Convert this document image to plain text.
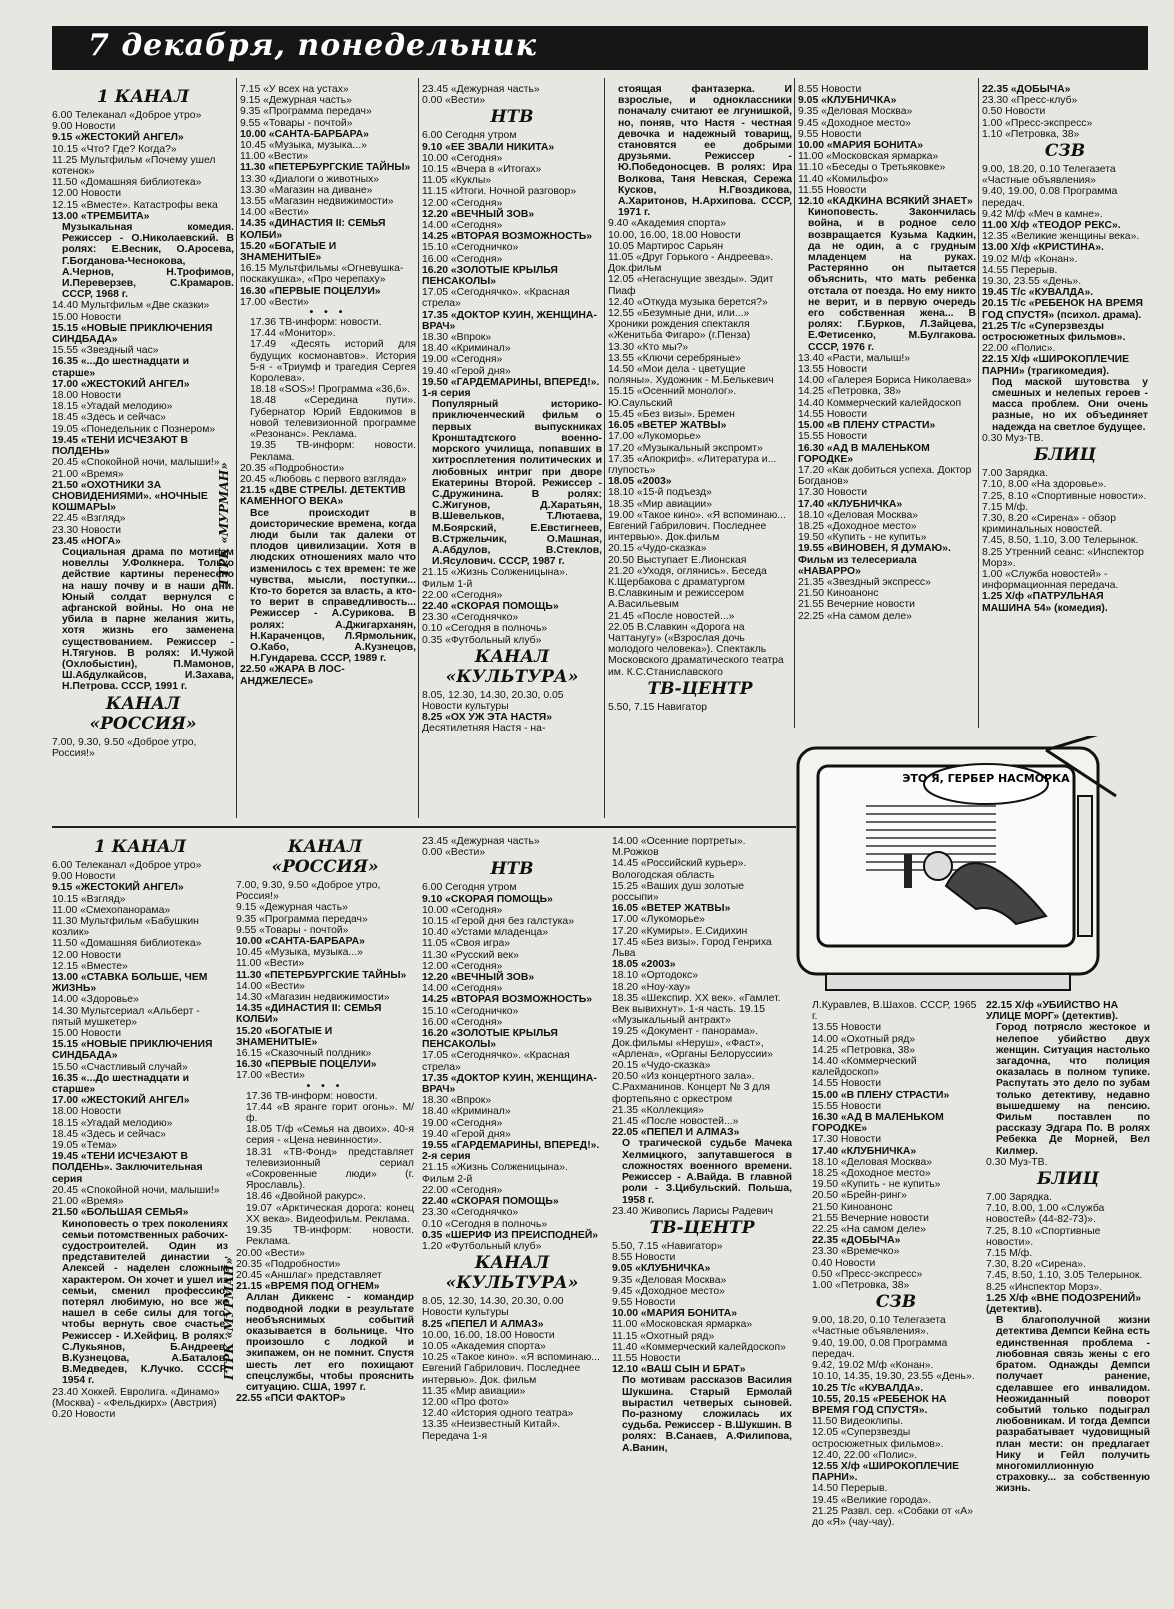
7 декабря, понедельник
ГТРК «МУРМАН»
ГТРК «МУРМАН»
1 КАНАЛ

6.00 Телеканал «Доброе утро»

9.00 Новости

9.15 «ЖЕСТОКИЙ АНГЕЛ»

10.15 «Что? Где? Когда?»

11.25 Мультфильм «Почему ушел котенок»

11.50 «Домашняя библиотека»

12.00 Новости

12.15 «Вместе». Катастрофы века

13.00 «ТРЕМБИТА»

Музыкальная комедия. Режиссер - О.Николаевский. В ролях: Е.Весник, О.Аросева, Г.Богданова-Чеснокова, А.Чернов, Н.Трофимов, И.Переверзев, С.Крамаров. СССР, 1968 г.

14.40 Мультфильм «Две сказки»

15.00 Новости

15.15 «НОВЫЕ ПРИКЛЮЧЕНИЯ СИНДБАДА»

15.55 «Звездный час»

16.35 «...До шестнадцати и старше»

17.00 «ЖЕСТОКИЙ АНГЕЛ»

18.00 Новости

18.15 «Угадай мелодию»

18.45 «Здесь и сейчас»

19.05 «Понедельник с Познером»

19.45 «ТЕНИ ИСЧЕЗАЮТ В ПОЛДЕНЬ»

20.45 «Спокойной ночи, малыши!»

21.00 «Время»

21.50 «ОХОТНИКИ ЗА СНОВИДЕНИЯМИ». «НОЧНЫЕ КОШМАРЫ»

22.45 «Взгляд»

23.30 Новости

23.45 «НОГА»

Социальная драма по мотивам новеллы У.Фолкнера. Только действие картины перенесено на нашу почву и в наши дни. Юный солдат вернулся с афганской войны. Но она не убила в парне желания жить, хотя жизнь его заменена существованием. Режиссер - Н.Тягунов. В ролях: И.Чужой (Охлобыстин), П.Мамонов, Ш.Абдулкайсов, И.Захава, Н.Петрова. СССР, 1991 г.

КАНАЛ «РОССИЯ»

7.00, 9.30, 9.50 «Доброе утро, Россия!»

7.15 «У всех на устах»

9.15 «Дежурная часть»

9.35 «Программа передач»

9.55 «Товары - почтой»

10.00 «САНТА-БАРБАРА»

10.45 «Музыка, музыка...»

11.00 «Вести»

11.30 «ПЕТЕРБУРГСКИЕ ТАЙНЫ»

13.30 «Диалоги о животных»

13.30 «Магазин на диване»

13.55 «Магазин недвижимости»

14.00 «Вести»

14.35 «ДИНАСТИЯ II: СЕМЬЯ КОЛБИ»

15.20 «БОГАТЫЕ И ЗНАМЕНИТЫЕ»

16.15 Мультфильмы «Огневушка-поскакушка», «Про черепаху»

16.30 «ПЕРВЫЕ ПОЦЕЛУИ»

17.00 «Вести»

• • •

17.36 ТВ-информ: новости.

17.44 «Монитор».

17.49 «Десять историй для будущих космонавтов». История 5-я - «Триумф и трагедия Сергея Королева».

18.18 «SOS»! Программа «36,6».

18.48 «Середина пути». Губернатор Юрий Евдокимов в новой телевизионной программе «Резонанс». Реклама.

19.35 ТВ-информ: новости. Реклама.

20.35 «Подробности»

20.45 «Любовь с первого взгляда»

21.15 «ДВЕ СТРЕЛЫ. ДЕТЕКТИВ КАМЕННОГО ВЕКА»

Все происходит в доисторические времена, когда люди были так далеки от плодов цивилизации. Хотя в людских отношениях мало что изменилось с тех времен: те же чувства, мысли, поступки... Кто-то борется за власть, а кто-то верит в справедливость... Режиссер - А.Сурикова. В ролях: А.Джигарханян, Н.Караченцов, Л.Ярмольник, О.Кабо, А.Кузнецов, Н.Гундарева. СССР, 1989 г.

22.50 «ЖАРА В ЛОС-АНДЖЕЛЕСЕ»

23.45 «Дежурная часть»

0.00 «Вести»

НТВ

6.00 Сегодня утром

9.10 «ЕЕ ЗВАЛИ НИКИТА»

10.00 «Сегодня»

10.15 «Вчера в «Итогах»

11.05 «Куклы»

11.15 «Итоги. Ночной разговор»

12.00 «Сегодня»

12.20 «ВЕЧНЫЙ ЗОВ»

14.00 «Сегодня»

14.25 «ВТОРАЯ ВОЗМОЖНОСТЬ»

15.10 «Сегодничко»

16.00 «Сегодня»

16.20 «ЗОЛОТЫЕ КРЫЛЬЯ ПЕНСАКОЛЫ»

17.05 «Сегоднячко». «Красная стрела»

17.35 «ДОКТОР КУИН, ЖЕНЩИНА-ВРАЧ»

18.30 «Впрок»

18.40 «Криминал»

19.00 «Сегодня»

19.40 «Герой дня»

19.50 «ГАРДЕМАРИНЫ, ВПЕРЕД!». 1-я серия

Популярный историко-приключенческий фильм о первых выпускниках Кронштадтского военно-морского училища, попавших в хитросплетения политических и любовных интриг при дворе Екатерины Второй. Режиссер - С.Дружинина. В ролях: С.Жигунов, Д.Харатьян, В.Шевельков, Т.Лютаева, М.Боярский, Е.Евстигнеев, В.Стржельчик, О.Машная, А.Абдулов, В.Стеклов, И.Ясулович. СССР, 1987 г.

21.15 «Жизнь Солженицына». Фильм 1-й

22.00 «Сегодня»

22.40 «СКОРАЯ ПОМОЩЬ»

23.30 «Сегоднячко»

0.10 «Сегодня в полночь»

0.35 «Футбольный клуб»

КАНАЛ «КУЛЬТУРА»

8.05, 12.30, 14.30, 20.30, 0.05 Новости культуры

8.25 «ОХ УЖ ЭТА НАСТЯ»

Десятилетняя Настя - на-

стоящая фантазерка. И взрослые, и одноклассники поначалу считают ее лгунишкой, но, поняв, что Настя - честная девочка и надежный товарищ, становятся ее добрыми друзьями. Режиссер - Ю.Победоносцев. В ролях: Ира Волкова, Таня Невская, Сережа Кусков, Н.Гвоздикова, А.Харитонов, Н.Архипова. СССР, 1971 г.

9.40 «Академия спорта»

10.00, 16.00, 18.00 Новости

10.05 Мартирос Сарьян

11.05 «Друг Горького - Андреева». Док.фильм

12.05 «Негаснущие звезды». Эдит Пиаф

12.40 «Откуда музыка берется?»

12.55 «Безумные дни, или...» Хроники рождения спектакля «Женитьба Фигаро» (г.Пенза)

13.30 «Кто мы?»

13.55 «Ключи серебряные»

14.50 «Мои дела - цветущие поляны». Художник - М.Белькевич

15.15 «Осенний монолог». Ю.Саульский

15.45 «Без визы». Бремен

16.05 «ВЕТЕР ЖАТВЫ»

17.00 «Лукоморье»

17.20 «Музыкальный экспромт»

17.35 «Апокриф». «Литература и... глупость»

18.05 «2003»

18.10 «15-й подъезд»

18.35 «Мир авиации»

19.00 «Такое кино». «Я вспоминаю... Евгений Габрилович. Последнее интервью». Док.фильм

20.15 «Чудо-сказка»

20.50 Выступает Е.Лионская

21.20 «Уходя, оглянись». Беседа К.Щербакова с драматургом В.Славкиным и режиссером А.Васильевым

21.45 «После новостей...»

22.05 В.Славкин «Дорога на Чаттанугу» («Взрослая дочь молодого человека»). Спектакль Московского драматического театра им. К.С.Станиславского

ТВ-ЦЕНТР

5.50, 7.15 Навигатор

8.55 Новости

9.05 «КЛУБНИЧКА»

9.35 «Деловая Москва»

9.45 «Доходное место»

9.55 Новости

10.00 «МАРИЯ БОНИТА»

11.00 «Московская ярмарка»

11.10 «Беседы о Третьяковке»

11.40 «Комильфо»

11.55 Новости

12.10 «КАДКИНА ВСЯКИЙ ЗНАЕТ»

Киноповесть. Закончилась война, и в родное село возвращается Кузьма Кадкин, да не один, а с грудным младенцем на руках. Растерянно он пытается объяснить, что мать ребенка отстала от поезда. Но ему никто не верит, и в первую очередь его собственная жена... В ролях: Г.Бурков, Л.Зайцева, Е.Фетисенко, М.Булгакова. СССР, 1976 г.

13.40 «Расти, малыш!»

13.55 Новости

14.00 «Галерея Бориса Николаева»

14.25 «Петровка, 38»

14.40 Коммерческий калейдоскоп

14.55 Новости

15.00 «В ПЛЕНУ СТРАСТИ»

15.55 Новости

16.30 «АД В МАЛЕНЬКОМ ГОРОДКЕ»

17.20 «Как добиться успеха. Доктор Богданов»

17.30 Новости

17.40 «КЛУБНИЧКА»

18.10 «Деловая Москва»

18.25 «Доходное место»

19.50 «Купить - не купить»

19.55 «ВИНОВЕН, Я ДУМАЮ». Фильм из телесериала «НАВАРРО»

21.35 «Звездный экспресс»

21.50 Киноанонс

21.55 Вечерние новости

22.25 «На самом деле»

22.35 «ДОБЫЧА»

23.30 «Пресс-клуб»

0.50 Новости

1.00 «Пресс-экспресс»

1.10 «Петровка, 38»

СЗВ

9.00, 18.20, 0.10 Телегазета «Частные объявления»

9.40, 19.00, 0.08 Программа передач.

9.42 М/ф «Меч в камне».

11.00 Х/ф «ТЕОДОР РЕКС».

12.35 «Великие женщины века».

13.00 Х/ф «КРИСТИНА».

19.02 М/ф «Конан».

14.55 Перерыв.

19.30, 23.55 «День».

19.45 Т/с «КУВАЛДА».

20.15 Т/с «РЕБЕНОК НА ВРЕМЯ ГОД СПУСТЯ» (психол. драма).

21.25 Т/с «Суперзвезды остросюжетных фильмов».

22.00 «Полис».

22.15 Х/ф «ШИРОКОПЛЕЧИЕ ПАРНИ» (трагикомедия).

Под маской шутовства у смешных и нелепых героев - масса проблем. Они очень разные, но их объединяет надежда на светлое будущее.

0.30 Муз-ТВ.

БЛИЦ

7.00 Зарядка.

7.10, 8.00 «На здоровье».

7.25, 8.10 «Спортивные новости».

7.15 М/ф.

7.30, 8.20 «Сирена» - обзор криминальных новостей.

7.45, 8.50, 1.10, 3.00 Телерынок.

8.25 Утренний сеанс: «Инспектор Морз».

1.00 «Служба новостей» - информационная передача.

1.25 Х/ф «ПАТРУЛЬНАЯ МАШИНА 54» (комедия).

ЭТО Я, ГЕРБЕР НАСМОРКА
1 КАНАЛ

6.00 Телеканал «Доброе утро»

9.00 Новости

9.15 «ЖЕСТОКИЙ АНГЕЛ»

10.15 «Взгляд»

11.00 «Смехопанорама»

11.30 Мультфильм «Бабушкин козлик»

11.50 «Домашняя библиотека»

12.00 Новости

12.15 «Вместе»

13.00 «СТАВКА БОЛЬШЕ, ЧЕМ ЖИЗНЬ»

14.00 «Здоровье»

14.30 Мультсериал «Альберт - пятый мушкетер»

15.00 Новости

15.15 «НОВЫЕ ПРИКЛЮЧЕНИЯ СИНДБАДА»

15.50 «Счастливый случай»

16.35 «...До шестнадцати и старше»

17.00 «ЖЕСТОКИЙ АНГЕЛ»

18.00 Новости

18.15 «Угадай мелодию»

18.45 «Здесь и сейчас»

19.05 «Тема»

19.45 «ТЕНИ ИСЧЕЗАЮТ В ПОЛДЕНЬ». Заключительная серия

20.45 «Спокойной ночи, малыши!»

21.00 «Время»

21.50 «БОЛЬШАЯ СЕМЬЯ»

Киноповесть о трех поколениях семьи потомственных рабочих-судостроителей. Один из представителей династии - Алексей - наделен сложным характером. Он хочет и ушел из семьи, сменил профессию, потерял любимую, но все же нашел в себе силы для того, чтобы вернуть свое счастье. Режиссер - И.Хейфиц. В ролях: С.Лукьянов, Б.Андреев, В.Кузнецова, А.Баталов, В.Медведев, К.Лучко. СССР, 1954 г.

23.40 Хоккей. Евролига. «Динамо» (Москва) - «Фельдкирх» (Австрия)

0.20 Новости

КАНАЛ «РОССИЯ»

7.00, 9.30, 9.50 «Доброе утро, Россия!»

9.15 «Дежурная часть»

9.35 «Программа передач»

9.55 «Товары - почтой»

10.00 «САНТА-БАРБАРА»

10.45 «Музыка, музыка...»

11.00 «Вести»

11.30 «ПЕТЕРБУРГСКИЕ ТАЙНЫ»

14.00 «Вести»

14.30 «Магазин недвижимости»

14.35 «ДИНАСТИЯ II: СЕМЬЯ КОЛБИ»

15.20 «БОГАТЫЕ И ЗНАМЕНИТЫЕ»

16.15 «Сказочный полдник»

16.30 «ПЕРВЫЕ ПОЦЕЛУИ»

17.00 «Вести»

• • •

17.36 ТВ-информ: новости.

17.44 «В ярангe горит огонь». М/ф.

18.05 Т/ф «Семья на двоих». 40-я серия - «Цена невинности».

18.31 «ТВ-Фонд» представляет телевизионный сериал «Сокровенные люди» (г. Ярославль).

18.46 «Двойной ракурс».

19.07 «Арктическая дорога: конец ХХ века». Видеофильм. Реклама.

19.35 ТВ-информ: новости. Реклама.

20.00 «Вести»

20.35 «Подробности»

20.45 «Аншлаг» представляет

21.15 «ВРЕМЯ ПОД ОГНЕМ»

Аллан Диккенс - командир подводной лодки в результате необъяснимых событий оказывается в больнице. Что произошло с лодкой и экипажем, он не помнит. Спустя шесть лет его похищают спецслужбы, чтобы прояснить ситуацию. США, 1997 г.

22.55 «ПСИ ФАКТОР»

23.45 «Дежурная часть»

0.00 «Вести»

НТВ

6.00 Сегодня утром

9.10 «СКОРАЯ ПОМОЩЬ»

10.00 «Сегодня»

10.15 «Герой дня без галстука»

10.40 «Устами младенца»

11.05 «Своя игра»

11.30 «Русский век»

12.00 «Сегодня»

12.20 «ВЕЧНЫЙ ЗОВ»

14.00 «Сегодня»

14.25 «ВТОРАЯ ВОЗМОЖНОСТЬ»

15.10 «Сегодничко»

16.00 «Сегодня»

16.20 «ЗОЛОТЫЕ КРЫЛЬЯ ПЕНСАКОЛЫ»

17.05 «Сегоднячко». «Красная стрела»

17.35 «ДОКТОР КУИН, ЖЕНЩИНА-ВРАЧ»

18.30 «Впрок»

18.40 «Криминал»

19.00 «Сегодня»

19.40 «Герой дня»

19.55 «ГАРДЕМАРИНЫ, ВПЕРЕД!». 2-я серия

21.15 «Жизнь Солженицына». Фильм 2-й

22.00 «Сегодня»

22.40 «СКОРАЯ ПОМОЩЬ»

23.30 «Сегоднячко»

0.10 «Сегодня в полночь»

0.35 «ШЕРИФ ИЗ ПРЕИСПОДНЕЙ»

1.20 «Футбольный клуб»

КАНАЛ «КУЛЬТУРА»

8.05, 12.30, 14.30, 20.30, 0.00 Новости культуры

8.25 «ПЕПЕЛ И АЛМАЗ»

10.00, 16.00, 18.00 Новости

10.05 «Академия спорта»

10.25 «Такое кино». «Я вспоминаю... Евгений Габрилович. Последнее интервью». Док. фильм

11.35 «Мир авиации»

12.00 «Про фото»

12.40 «История одного театра»

13.35 «Неизвестный Китай». Передача 1-я

14.00 «Осенние портреты». М.Рожков

14.45 «Российский курьер». Вологодская область

15.25 «Ваших душ золотые россыпи»

16.05 «ВЕТЕР ЖАТВЫ»

17.00 «Лукоморье»

17.20 «Кумиры». Е.Сидихин

17.45 «Без визы». Город Генриха Льва

18.05 «2003»

18.10 «Ортодокс»

18.20 «Ноу-хау»

18.35 «Шекспир. ХХ век». «Гамлет. Век вывихнут». 1-я часть. 19.15 «Музыкальный антракт»

19.25 «Документ - панорама». Док.фильмы «Неруш», «Фаст», «Арлена», «Органы Белоруссии»

20.15 «Чудо-сказка»

20.50 «Из концертного зала». С.Рахманинов. Концерт № 3 для фортепьяно с оркестром

21.35 «Коллекция»

21.45 «После новостей...»

22.05 «ПЕПЕЛ И АЛМАЗ»

О трагической судьбе Мачека Хелмицкого, запутавшегося в сложностях военного времени. Режиссер - А.Вайда. В главной роли - З.Цибульский. Польша, 1958 г.

23.40 Живопись Ларисы Радевич

ТВ-ЦЕНТР

5.50, 7.15 «Навигатор»

8.55 Новости

9.05 «КЛУБНИЧКА»

9.35 «Деловая Москва»

9.45 «Доходное место»

9.55 Новости

10.00 «МАРИЯ БОНИТА»

11.00 «Московская ярмарка»

11.15 «Охотный ряд»

11.40 «Коммерческий калейдоскоп»

11.55 Новости

12.10 «ВАШ СЫН И БРАТ»

По мотивам рассказов Василия Шукшина. Старый Ермолай вырастил четверых сыновей. По-разному сложилась их судьба. Режиссер - В.Шукшин. В ролях: В.Санаев, А.Филипова, А.Ванин,

Л.Куравлев, В.Шахов. СССР, 1965 г.

13.55 Новости

14.00 «Охотный ряд»

14.25 «Петровка, 38»

14.40 «Коммерческий калейдоскоп»

14.55 Новости

15.00 «В ПЛЕНУ СТРАСТИ»

15.55 Новости

16.30 «АД В МАЛЕНЬКОМ ГОРОДКЕ»

17.30 Новости

17.40 «КЛУБНИЧКА»

18.10 «Деловая Москва»

18.25 «Доходное место»

19.50 «Купить - не купить»

20.50 «Брейн-ринг»

21.50 Киноанонс

21.55 Вечерние новости

22.25 «На самом деле»

22.35 «ДОБЫЧА»

23.30 «Времечко»

0.40 Новости

0.50 «Пресс-экспресс»

1.00 «Петровка, 38»

СЗВ

9.00, 18.20, 0.10 Телегазета «Частные объявления».

9.40, 19.00, 0.08 Программа передач.

9.42, 19.02 М/ф «Конан».

10.10, 14.35, 19.30, 23.55 «День».

10.25 Т/с «КУВАЛДА».

10.55, 20.15 «РЕБЕНОК НА ВРЕМЯ ГОД СПУСТЯ».

11.50 Видеоклипы.

12.05 «Суперзвезды остросюжетных фильмов».

12.40, 22.00 «Полис».

12.55 Х/ф «ШИРОКОПЛЕЧИЕ ПАРНИ».

14.50 Перерыв.

19.45 «Великие города».

21.25 Развл. сер. «Собаки от «А» до «Я» (чау-чау).

22.15 Х/ф «УБИЙСТВО НА УЛИЦЕ МОРГ» (детектив).

Город потрясло жестокое и нелепое убийство двух женщин. Ситуация настолько загадочна, что полиция оказалась в полном тупике. Распутать это дело по зубам только детективу, недавно вышедшему на пенсию. Фильм поставлен по рассказу Эдгара По. В ролях Ребекка Де Морней, Вел Килмер.

0.30 Муз-ТВ.

БЛИЦ

7.00 Зарядка.

7.10, 8.00, 1.00 «Служба новостей» (44-82-73)».

7.25, 8.10 «Спортивные новости».

7.15 М/ф.

7.30, 8.20 «Сирена».

7.45, 8.50, 1.10, 3.05 Телерынок.

8.25 «Инспектор Морз».

1.25 Х/ф «ВНЕ ПОДОЗРЕНИЙ» (детектив).

В благополучной жизни детектива Демпси Кейна есть единственная проблема - любовная связь жены с его братом. Однажды Демпси получает ранение, сделавшее его инвалидом. Неожиданный поворот событий только подыграл любовникам. И тогда Демпси разрабатывает чудовищный план мести: он предлагает Нику и Гейл получить многомиллионную страховку... за собственную жизнь.
